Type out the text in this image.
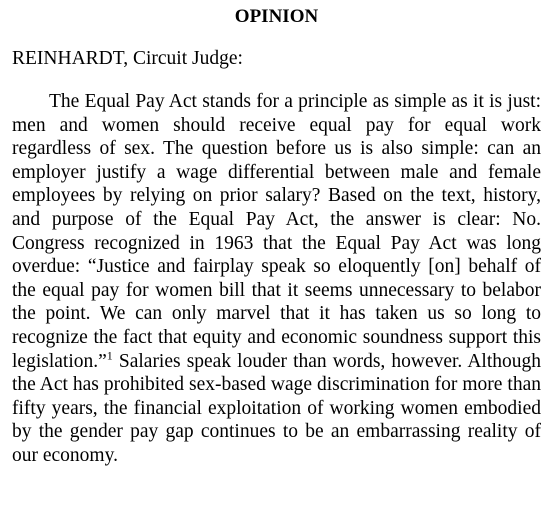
OPINION

REINHARDT, Circuit Judge:

The Equal Pay Act stands for a principle as simple as it is just: men and women should receive equal pay for equal work regardless of sex. The question before us is also simple: can an employer justify a wage differential between male and female employees by relying on prior salary? Based on the text, history, and purpose of the Equal Pay Act, the answer is clear: No. Congress recognized in 1963 that the Equal Pay Act was long overdue: “Justice and fairplay speak so eloquently [on] behalf of the equal pay for women bill that it seems unnecessary to belabor the point. We can only marvel that it has taken us so long to recognize the fact that equity and economic soundness support this legislation.”$^1$ Salaries speak louder than words, however. Although the Act has prohibited sex-based wage discrimination for more than fifty years, the financial exploitation of working women embodied by the gender pay gap continues to be an embarrassing reality of our economy.
